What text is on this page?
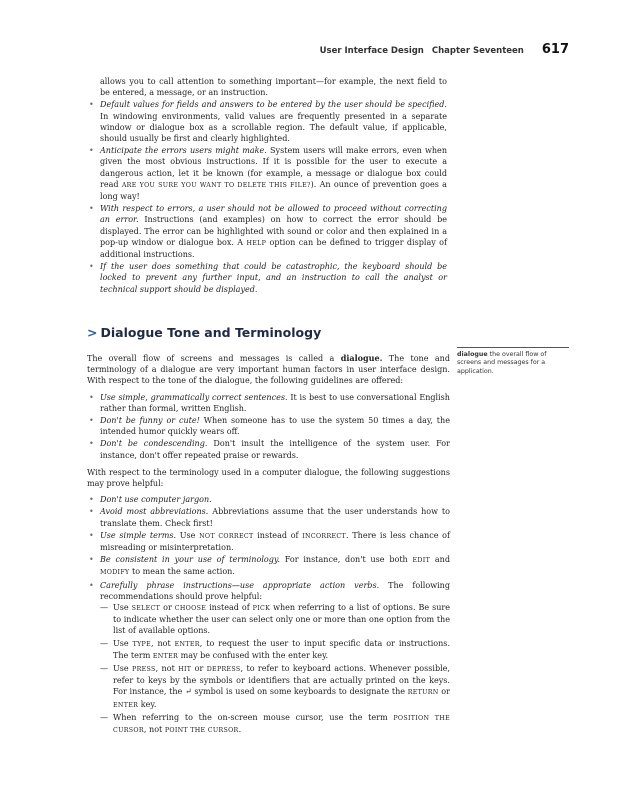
User Interface Design Chapter Seventeen 617
allows you to call attention to something important—for example, the next field to be entered, a message, or an instruction.
• Default values for fields and answers to be entered by the user should be specified. In windowing environments, valid values are frequently presented in a separate window or dialogue box as a scrollable region. The default value, if applicable, should usually be first and clearly highlighted.
• Anticipate the errors users might make. System users will make errors, even when given the most obvious instructions. If it is possible for the user to execute a dangerous action, let it be known (for example, a message or dialogue box could read ARE YOU SURE YOU WANT TO DELETE THIS FILE?). An ounce of prevention goes a long way!
• With respect to errors, a user should not be allowed to proceed without correcting an error. Instructions (and examples) on how to correct the error should be displayed. The error can be highlighted with sound or color and then explained in a pop-up window or dialogue box. A HELP option can be defined to trigger display of additional instructions.
• If the user does something that could be catastrophic, the keyboard should be locked to prevent any further input, and an instruction to call the analyst or technical support should be displayed.
> Dialogue Tone and Terminology
dialogue the overall flow of screens and messages for a application.

The overall flow of screens and messages is called a dialogue. The tone and terminology of a dialogue are very important human factors in user interface design. With respect to the tone of the dialogue, the following guidelines are offered:

• Use simple, grammatically correct sentences. It is best to use conversational English rather than formal, written English.
• Don't be funny or cute! When someone has to use the system 50 times a day, the intended humor quickly wears off.
• Don't be condescending. Don't insult the intelligence of the system user. For instance, don't offer repeated praise or rewards.

With respect to the terminology used in a computer dialogue, the following suggestions may prove helpful:

• Don't use computer jargon.
• Avoid most abbreviations. Abbreviations assume that the user understands how to translate them. Check first!
• Use simple terms. Use NOT CORRECT instead of INCORRECT. There is less chance of misreading or misinterpretation.
• Be consistent in your use of terminology. For instance, don't use both EDIT and MODIFY to mean the same action.
• Carefully phrase instructions—use appropriate action verbs. The following recommendations should prove helpful:
— Use SELECT or CHOOSE instead of PICK when referring to a list of options. Be sure to indicate whether the user can select only one or more than one option from the list of available options.
— Use TYPE, not ENTER, to request the user to input specific data or instructions. The term ENTER may be confused with the enter key.
— Use PRESS, not HIT or DEPRESS, to refer to keyboard actions. Whenever possible, refer to keys by the symbols or identifiers that are actually printed on the keys. For instance, the ↵ symbol is used on some keyboards to designate the RETURN or ENTER key.
— When referring to the on-screen mouse cursor, use the term POSITION THE CURSOR, not POINT THE CURSOR.
